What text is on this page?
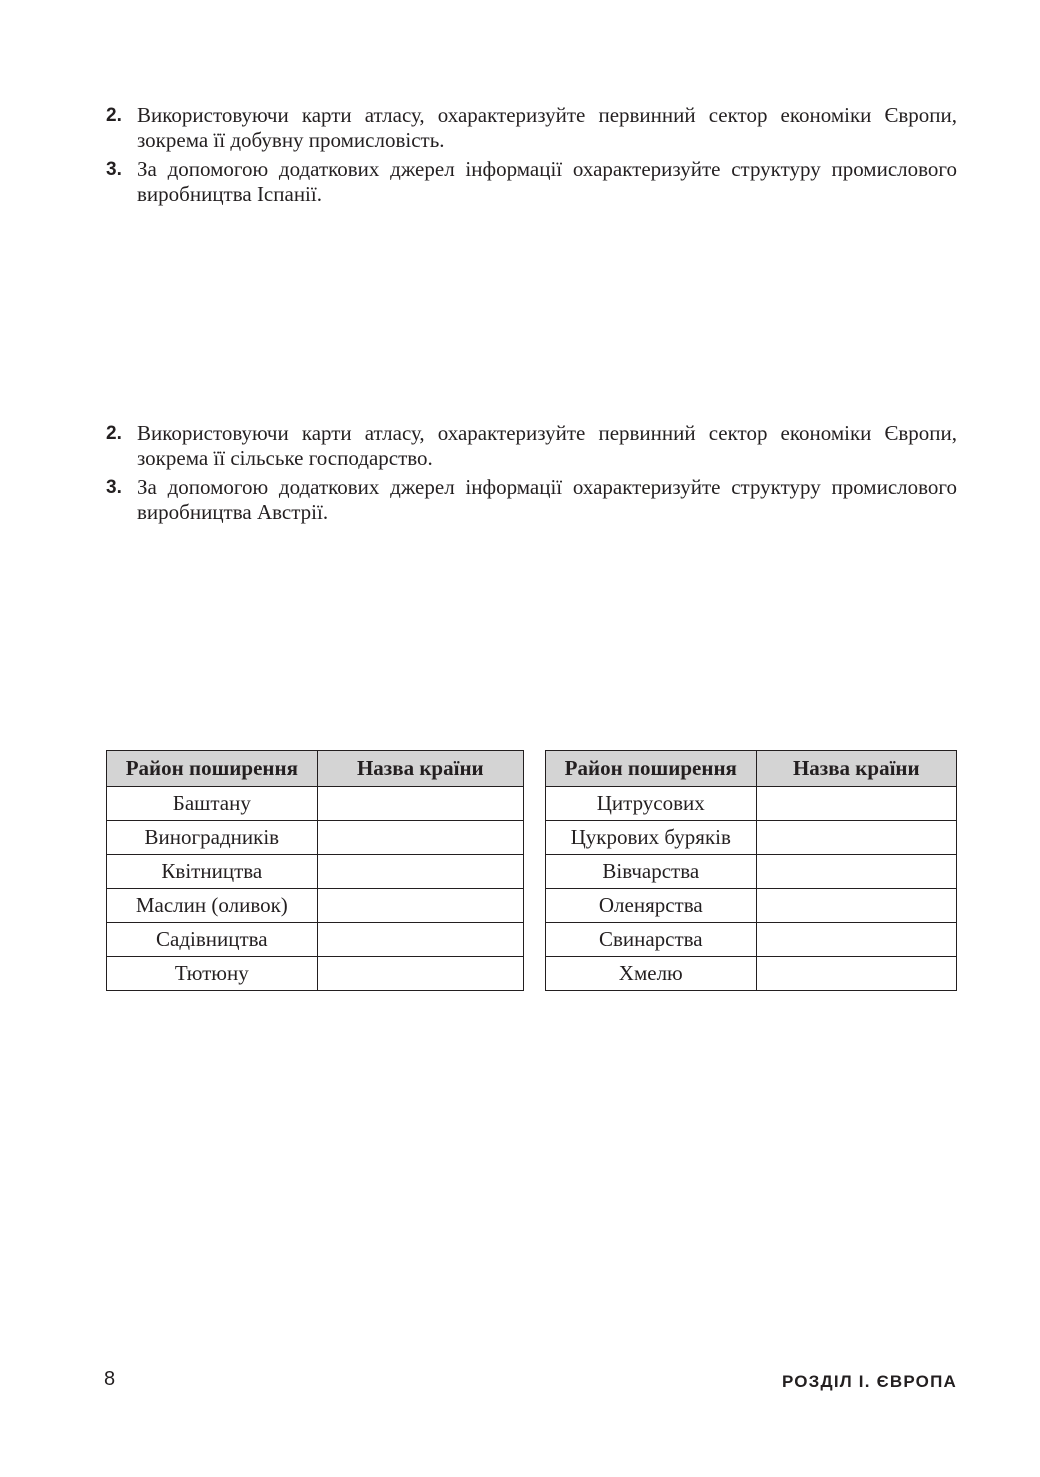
2. Використовуючи карти атласу, охарактеризуйте первинний сектор економіки Європи, зокрема її добувну промисловість.
3. За допомогою додаткових джерел інформації охарактеризуйте структуру промислового виробництва Іспанії.
2. Використовуючи карти атласу, охарактеризуйте первинний сектор економіки Європи, зокрема її сільське господарство.
3. За допомогою додаткових джерел інформації охарактеризуйте структуру промислового виробництва Австрії.
Район поширення	Назва країни
Баштану	
Виноградників	
Квітництва	
Маслин (оливок)	
Садівництва	
Тютюну	
Район поширення	Назва країни
Цитрусових	
Цукрових буряків	
Вівчарства	
Оленярства	
Свинарства	
Хмелю	
8	РОЗДІЛ І. ЄВРОПА
